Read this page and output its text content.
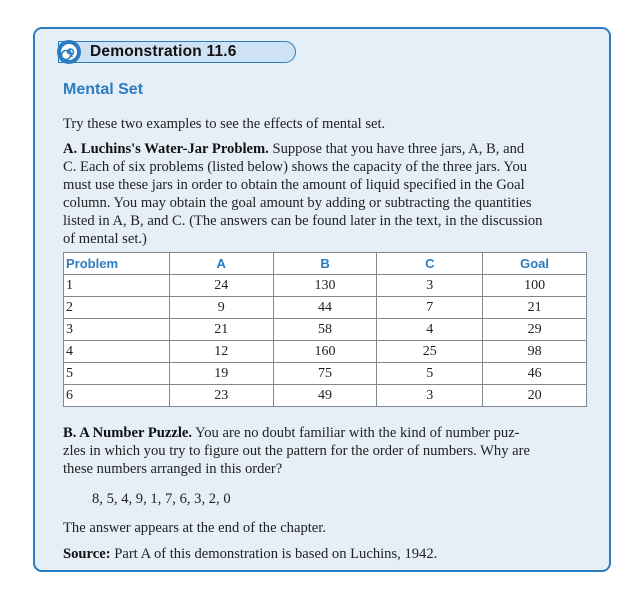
Demonstration 11.6
Mental Set
Try these two examples to see the effects of mental set.
A. Luchins's Water-Jar Problem. Suppose that you have three jars, A, B, and
C. Each of six problems (listed below) shows the capacity of the three jars. You
must use these jars in order to obtain the amount of liquid specified in the Goal
column. You may obtain the goal amount by adding or subtracting the quantities
listed in A, B, and C. (The answers can be found later in the text, in the discussion
of mental set.)
Problem	A	B	C	Goal
1	24	130	3	100
2	9	44	7	21
3	21	58	4	29
4	12	160	25	98
5	19	75	5	46
6	23	49	3	20
B. A Number Puzzle. You are no doubt familiar with the kind of number puz-
zles in which you try to figure out the pattern for the order of numbers. Why are
these numbers arranged in this order?
8, 5, 4, 9, 1, 7, 6, 3, 2, 0
The answer appears at the end of the chapter.
Source: Part A of this demonstration is based on Luchins, 1942.
